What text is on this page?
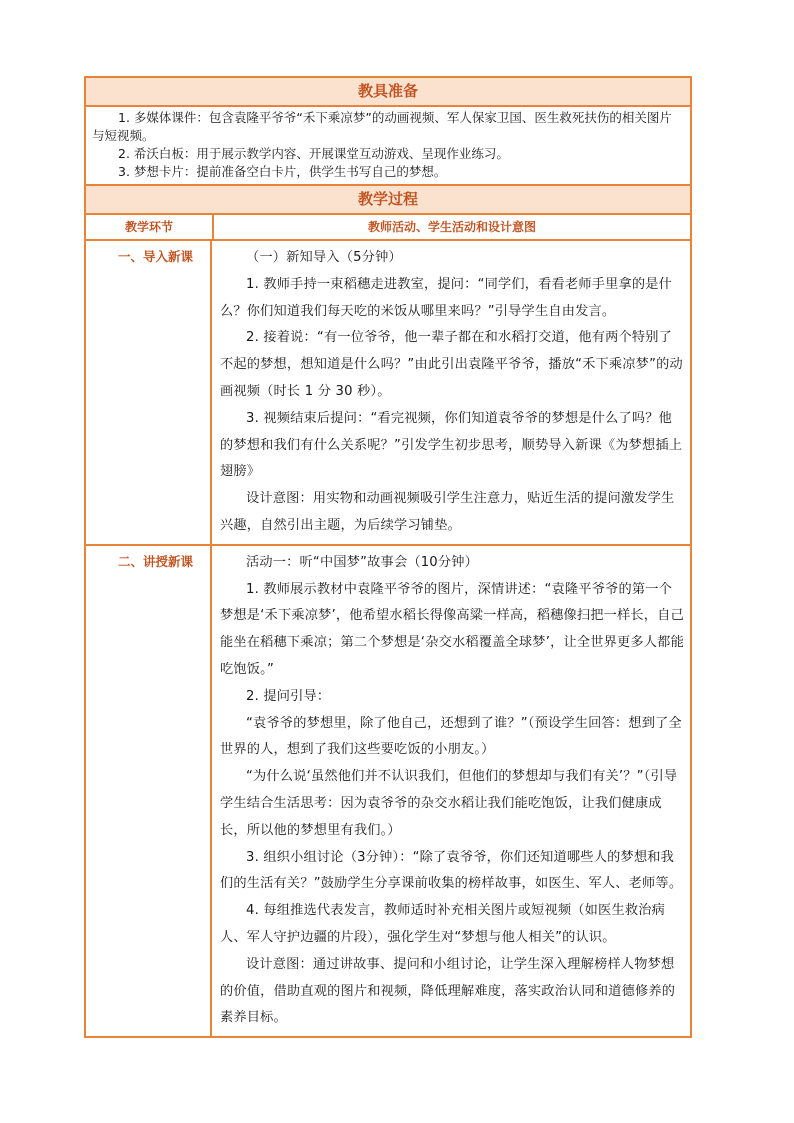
教具准备

1. 多媒体课件：包含袁隆平爷爷“禾下乘凉梦”的动画视频、军人保家卫国、医生救死扶伤的相关图片与短视频。

2. 希沃白板：用于展示教学内容、开展课堂互动游戏、呈现作业练习。

3. 梦想卡片：提前准备空白卡片，供学生书写自己的梦想。

教学过程
教学环节	教师活动、学生活动和设计意图
一、导入新课	（一）新知导入（5分钟）

1. 教师手持一束稻穗走进教室，提问：“同学们，看看老师手里拿的是什么？你们知道我们每天吃的米饭从哪里来吗？”引导学生自由发言。

2. 接着说：“有一位爷爷，他一辈子都在和水稻打交道，他有两个特别了不起的梦想，想知道是什么吗？”由此引出袁隆平爷爷，播放“禾下乘凉梦”的动画视频（时长 1 分 30 秒）。

3. 视频结束后提问：“看完视频，你们知道袁爷爷的梦想是什么了吗？他的梦想和我们有什么关系呢？”引发学生初步思考，顺势导入新课《为梦想插上翅膀》

设计意图：用实物和动画视频吸引学生注意力，贴近生活的提问激发学生兴趣，自然引出主题，为后续学习铺垫。

二、讲授新课	活动一：听“中国梦”故事会（10分钟）

1. 教师展示教材中袁隆平爷爷的图片，深情讲述：“袁隆平爷爷的第一个梦想是‘禾下乘凉梦’，他希望水稻长得像高粱一样高，稻穗像扫把一样长，自己能坐在稻穗下乘凉；第二个梦想是‘杂交水稻覆盖全球梦’，让全世界更多人都能吃饱饭。”

2. 提问引导：

“袁爷爷的梦想里，除了他自己，还想到了谁？”（预设学生回答：想到了全世界的人，想到了我们这些要吃饭的小朋友。）

“为什么说‘虽然他们并不认识我们，但他们的梦想却与我们有关’？”（引导学生结合生活思考：因为袁爷爷的杂交水稻让我们能吃饱饭，让我们健康成长，所以他的梦想里有我们。）

3. 组织小组讨论（3分钟）：“除了袁爷爷，你们还知道哪些人的梦想和我们的生活有关？”鼓励学生分享课前收集的榜样故事，如医生、军人、老师等。

4. 每组推选代表发言，教师适时补充相关图片或短视频（如医生救治病人、军人守护边疆的片段），强化学生对“梦想与他人相关”的认识。

设计意图：通过讲故事、提问和小组讨论，让学生深入理解榜样人物梦想的价值，借助直观的图片和视频，降低理解难度，落实政治认同和道德修养的素养目标。
